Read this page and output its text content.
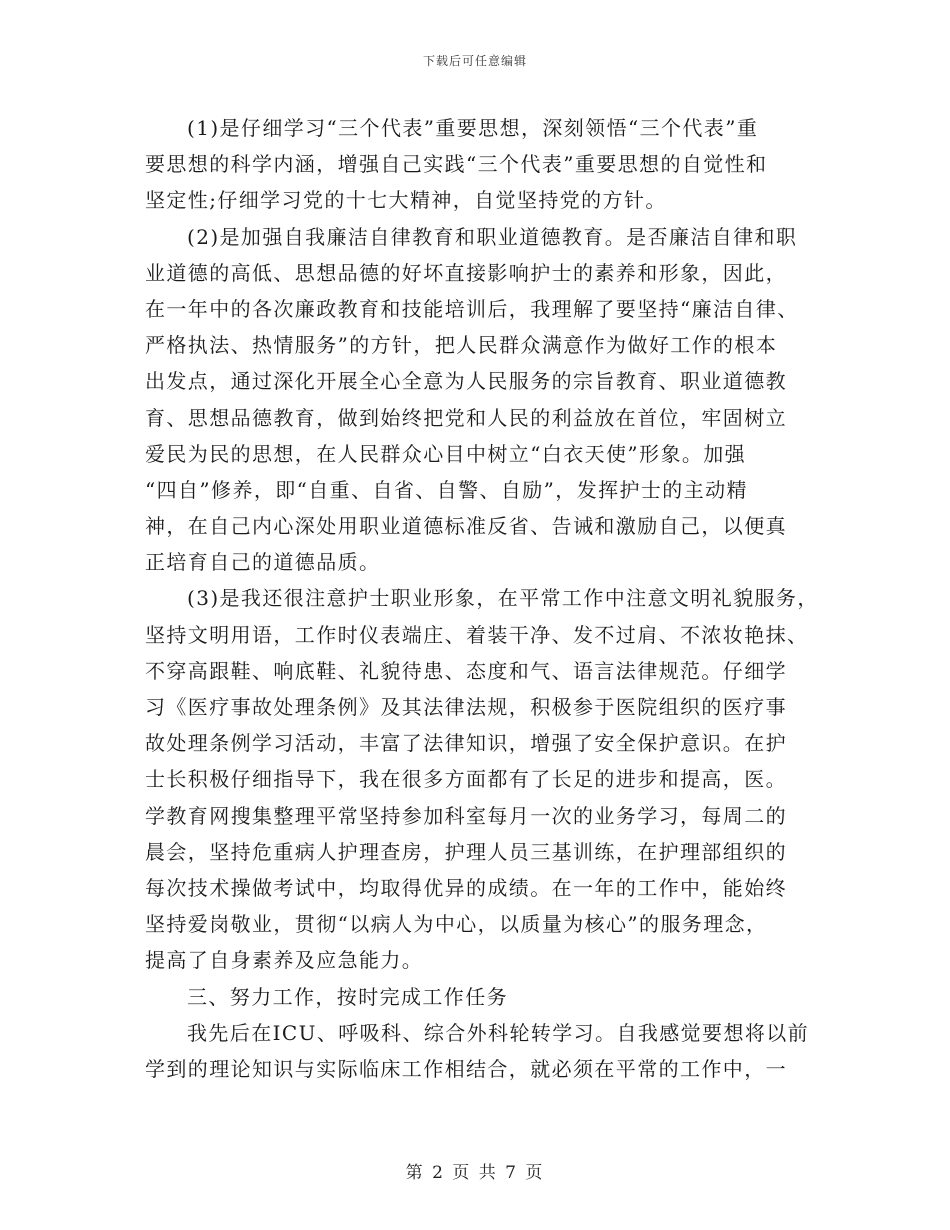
下载后可任意编辑
(1)是仔细学习“三个代表”重要思想，深刻领悟“三个代表”重
要思想的科学内涵，增强自己实践“三个代表”重要思想的自觉性和
坚定性;仔细学习党的十七大精神，自觉坚持党的方针。
(2)是加强自我廉洁自律教育和职业道德教育。是否廉洁自律和职
业道德的高低、思想品德的好坏直接影响护士的素养和形象，因此，
在一年中的各次廉政教育和技能培训后，我理解了要坚持“廉洁自律、
严格执法、热情服务”的方针，把人民群众满意作为做好工作的根本
出发点，通过深化开展全心全意为人民服务的宗旨教育、职业道德教
育、思想品德教育，做到始终把党和人民的利益放在首位，牢固树立
爱民为民的思想，在人民群众心目中树立“白衣天使”形象。加强
“四自”修养，即“自重、自省、自警、自励”，发挥护士的主动精
神，在自己内心深处用职业道德标准反省、告诫和激励自己，以便真
正培育自己的道德品质。
(3)是我还很注意护士职业形象，在平常工作中注意文明礼貌服务，
坚持文明用语，工作时仪表端庄、着装干净、发不过肩、不浓妆艳抹、
不穿高跟鞋、响底鞋、礼貌待患、态度和气、语言法律规范。仔细学
习《医疗事故处理条例》及其法律法规，积极参于医院组织的医疗事
故处理条例学习活动，丰富了法律知识，增强了安全保护意识。在护
士长积极仔细指导下，我在很多方面都有了长足的进步和提高，医。
学教育网搜集整理平常坚持参加科室每月一次的业务学习，每周二的
晨会，坚持危重病人护理查房，护理人员三基训练，在护理部组织的
每次技术操做考试中，均取得优异的成绩。在一年的工作中，能始终
坚持爱岗敬业，贯彻“以病人为中心，以质量为核心”的服务理念，
提高了自身素养及应急能力。
三、努力工作，按时完成工作任务
我先后在ICU、呼吸科、综合外科轮转学习。自我感觉要想将以前
学到的理论知识与实际临床工作相结合，就必须在平常的工作中，一
第 2 页 共 7 页
